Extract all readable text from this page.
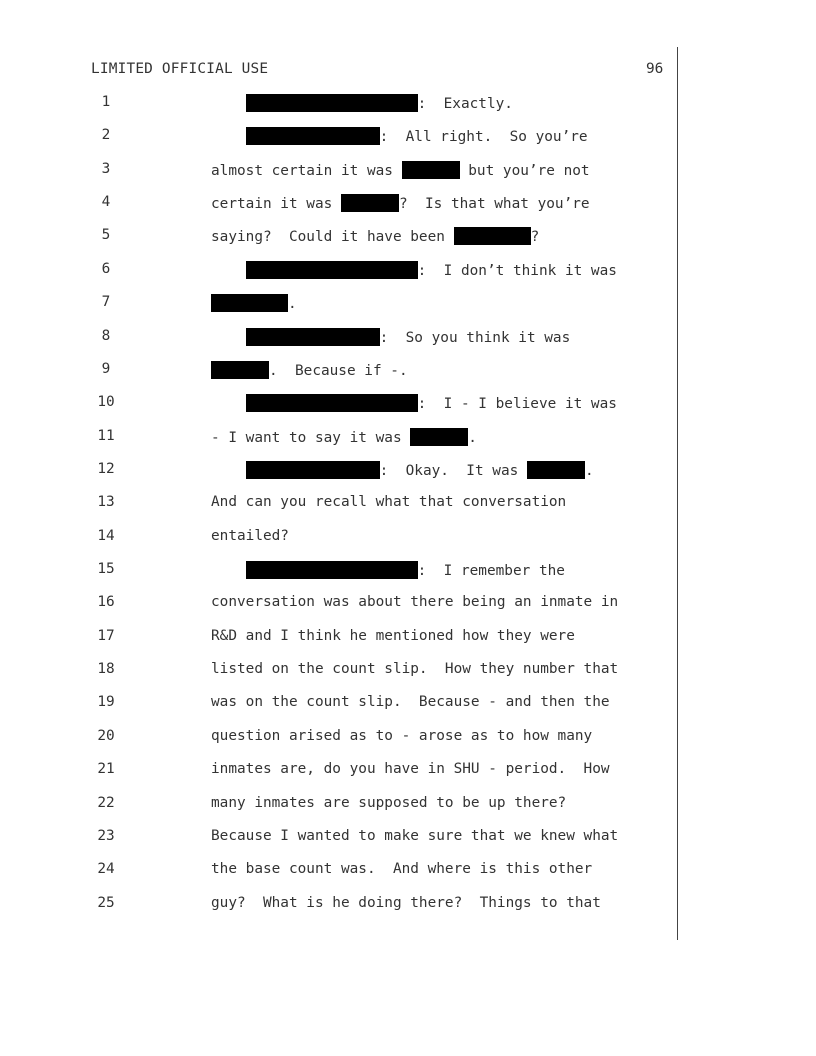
LIMITED OFFICIAL USE	96
1	:  Exactly.
2	:  All right.  So you’re
3	almost certain it was	but you’re not
4	certain it was	?  Is that what you’re
5	saying?  Could it have been	?
6	:  I don’t think it was
7	.
8	:  So you think it was
9	.  Because if -.
10	:  I - I believe it was
11	- I want to say it was	.
12	:  Okay.  It was	.
13	And can you recall what that conversation
14	entailed?
15	:  I remember the
16	conversation was about there being an inmate in
17	R&D and I think he mentioned how they were
18	listed on the count slip.  How they number that
19	was on the count slip.  Because - and then the
20	question arised as to - arose as to how many
21	inmates are, do you have in SHU - period.  How
22	many inmates are supposed to be up there?
23	Because I wanted to make sure that we knew what
24	the base count was.  And where is this other
25	guy?  What is he doing there?  Things to that
